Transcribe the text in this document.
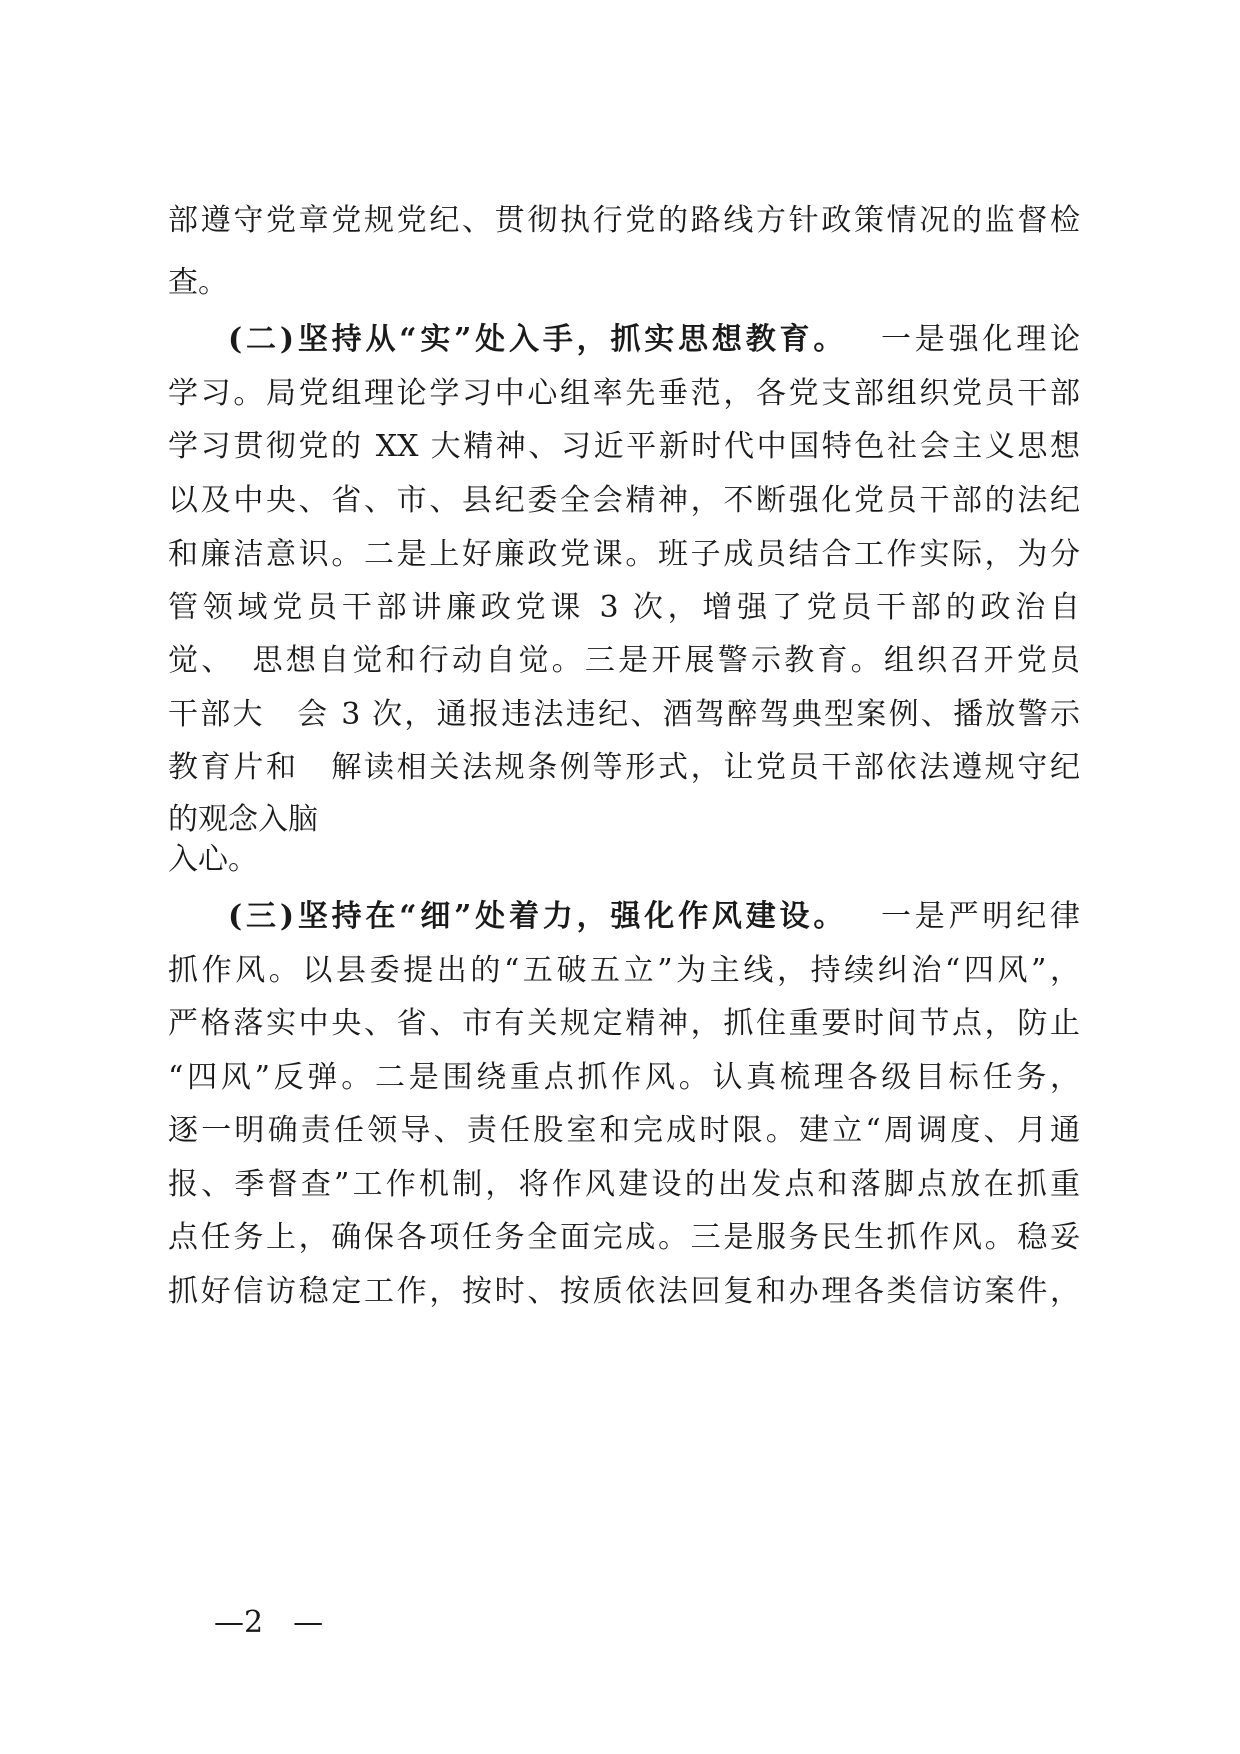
部遵守党章党规党纪、贯彻执行党的路线方针政策情况的监督检

查。

(二)坚持从“实”处入手，抓实思想教育。 一是强化理论

学习。局党组理论学习中心组率先垂范，各党支部组织党员干部

学习贯彻党的 XX 大精神、习近平新时代中国特色社会主义思想

以及中央、省、市、县纪委全会精神，不断强化党员干部的法纪

和廉洁意识。二是上好廉政党课。班子成员结合工作实际，为分

管领域党员干部讲廉政党课 3 次，增强了党员干部的政治自

觉、　思想自觉和行动自觉。三是开展警示教育。组织召开党员

干部大　会 3 次，通报违法违纪、酒驾醉驾典型案例、播放警示

教育片和　解读相关法规条例等形式，让党员干部依法遵规守纪

的观念入脑

入心。

(三)坚持在“细”处着力，强化作风建设。 一是严明纪律

抓作风。以县委提出的“五破五立”为主线，持续纠治“四风”，

严格落实中央、省、市有关规定精神，抓住重要时间节点，防止

“四风”反弹。二是围绕重点抓作风。认真梳理各级目标任务，

逐一明确责任领导、责任股室和完成时限。建立“周调度、月通

报、季督查”工作机制，将作风建设的出发点和落脚点放在抓重

点任务上，确保各项任务全面完成。三是服务民生抓作风。稳妥

抓好信访稳定工作，按时、按质依法回复和办理各类信访案件，

—2　—
